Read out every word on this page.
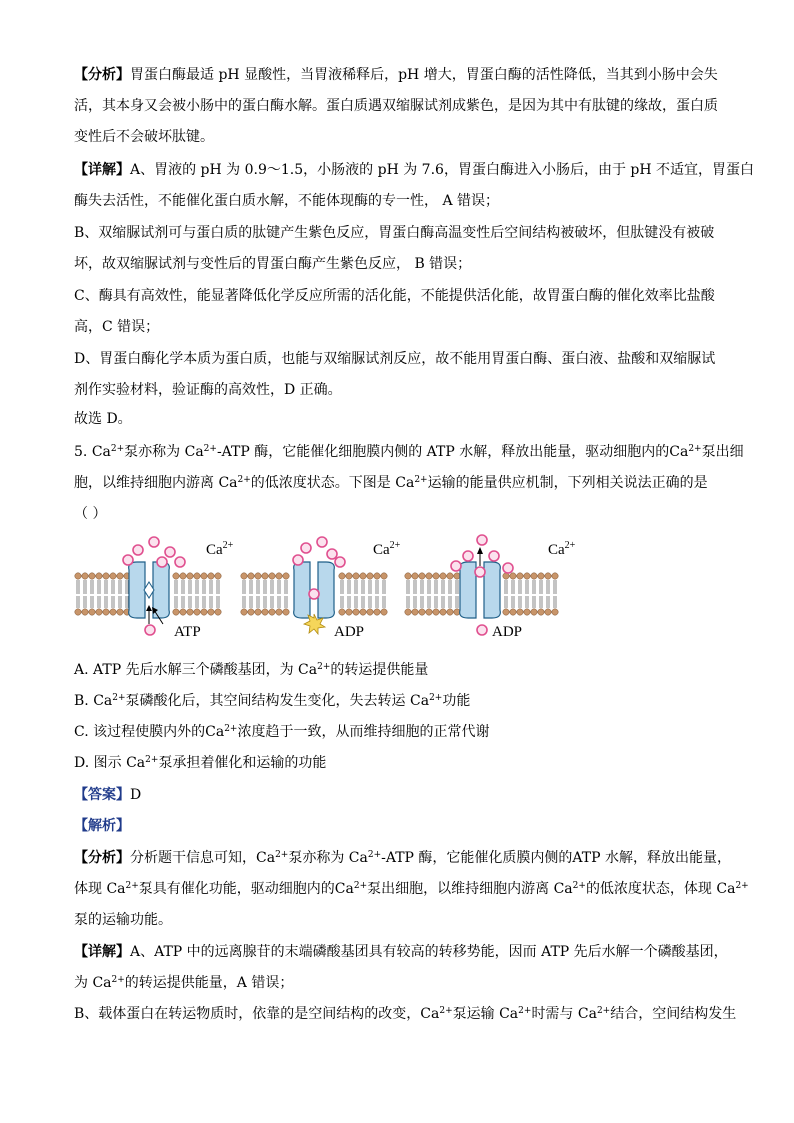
【分析】胃蛋白酶最适 pH 显酸性，当胃液稀释后，pH 增大，胃蛋白酶的活性降低，当其到小肠中会失
活，其本身又会被小肠中的蛋白酶水解。蛋白质遇双缩脲试剂成紫色，是因为其中有肽键的缘故，蛋白质
变性后不会破坏肽键。
【详解】A、胃液的 pH 为 0.9～1.5，小肠液的 pH 为 7.6，胃蛋白酶进入小肠后，由于 pH 不适宜，胃蛋白
酶失去活性，不能催化蛋白质水解，不能体现酶的专一性， A 错误；
B、双缩脲试剂可与蛋白质的肽键产生紫色反应，胃蛋白酶高温变性后空间结构被破坏，但肽键没有被破
坏，故双缩脲试剂与变性后的胃蛋白酶产生紫色反应， B 错误；
C、酶具有高效性，能显著降低化学反应所需的活化能，不能提供活化能，故胃蛋白酶的催化效率比盐酸
高，C 错误；
D、胃蛋白酶化学本质为蛋白质，也能与双缩脲试剂反应，故不能用胃蛋白酶、蛋白液、盐酸和双缩脲试
剂作实验材料，验证酶的高效性，D 正确。
故选 D。
5. $Ca^{2+}$泵亦称为 $Ca^{2+}$-ATP 酶，它能催化细胞膜内侧的 ATP 水解，释放出能量，驱动细胞内的$Ca^{2+}$泵出细
胞，以维持细胞内游离 $Ca^{2+}$的低浓度状态。下图是 $Ca^{2+}$运输的能量供应机制，下列相关说法正确的是
（ ）
$Ca^{2+}$	$Ca^{2+}$	$Ca^{2+}$
ATP	ADP	ADP
A. ATP 先后水解三个磷酸基团，为 $Ca^{2+}$的转运提供能量
B. $Ca^{2+}$泵磷酸化后，其空间结构发生变化，失去转运 $Ca^{2+}$功能
C. 该过程使膜内外的$Ca^{2+}$浓度趋于一致，从而维持细胞的正常代谢
D. 图示 $Ca^{2+}$泵承担着催化和运输的功能
【答案】D
【解析】
【分析】分析题干信息可知，$Ca^{2+}$泵亦称为 $Ca^{2+}$-ATP 酶，它能催化质膜内侧的ATP 水解，释放出能量，
体现 $Ca^{2+}$泵具有催化功能，驱动细胞内的$Ca^{2+}$泵出细胞，以维持细胞内游离 $Ca^{2+}$的低浓度状态，体现 $Ca^{2+}$
泵的运输功能。
【详解】A、ATP 中的远离腺苷的末端磷酸基团具有较高的转移势能，因而 ATP 先后水解一个磷酸基团，
为 $Ca^{2+}$的转运提供能量，A 错误；
B、载体蛋白在转运物质时，依靠的是空间结构的改变，$Ca^{2+}$泵运输 $Ca^{2+}$时需与 $Ca^{2+}$结合，空间结构发生
